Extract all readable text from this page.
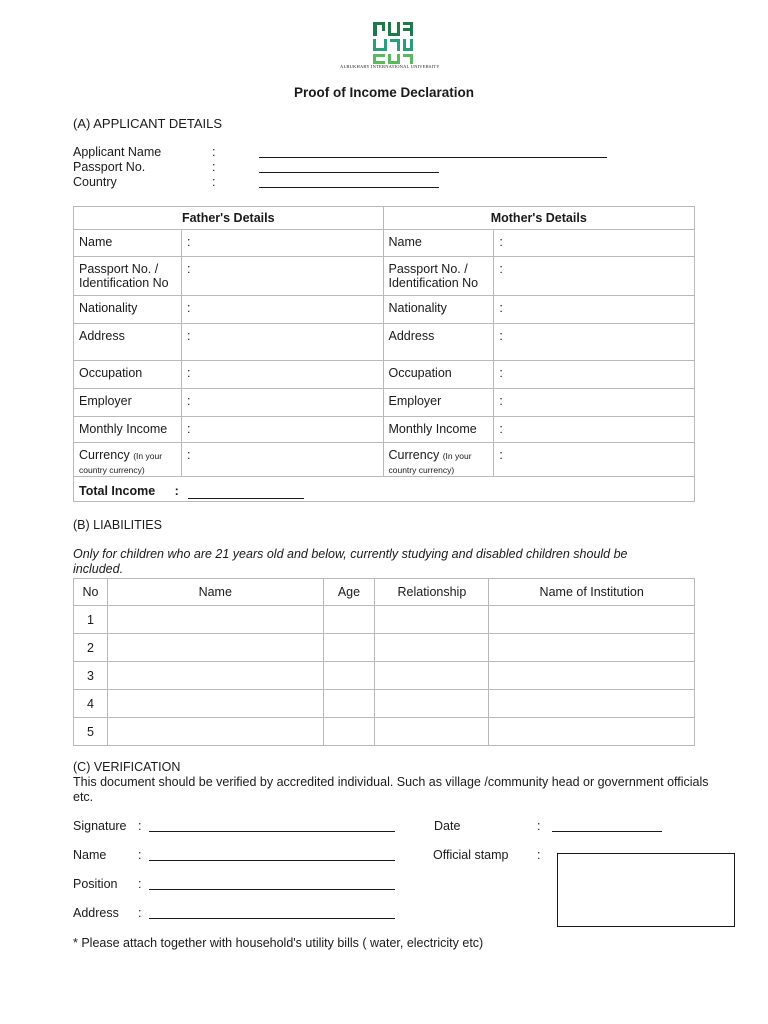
ALBUKHARY INTERNATIONAL UNIVERSITY
Proof of Income Declaration
(A) APPLICANT DETAILS
Applicant Name	:
Passport No.	:
Country	:
Father's Details		Mother's Details	
Name	:	Name	:
Passport No. / Identification No	:	Passport No. / Identification No	:
Nationality	:	Nationality	:
Address	:	Address	:
Occupation	:	Occupation	:
Employer	:	Employer	:
Monthly Income	:	Monthly Income	:
Currency (In your country currency)	:	Currency (In your country currency)	:
Total Income :			
(B) LIABILITIES
Only for children who are 21 years old and below, currently studying and disabled children should be included.
No	Name	Age	Relationship	Name of Institution
1				
2				
3				
4				
5				
(C) VERIFICATION
This document should be verified by accredited individual. Such as village /community head or government officials etc.
Signature :	Date	:
Name	:	Official stamp :
Position :
Address :
* Please attach together with household's utility bills ( water, electricity etc)
